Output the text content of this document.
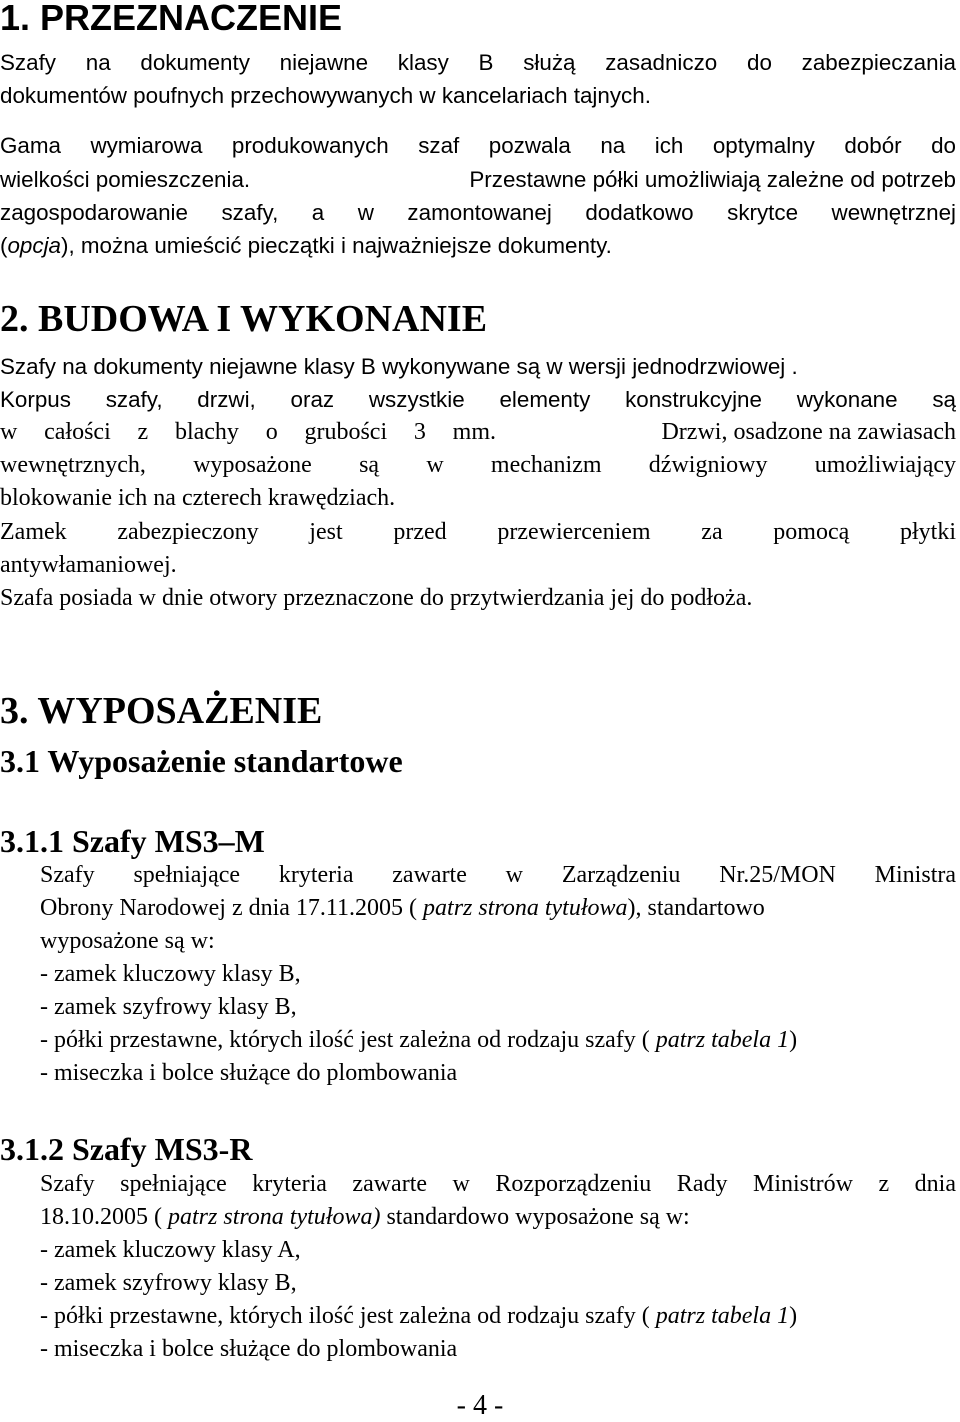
1. PRZEZNACZENIE
Szafy na dokumenty niejawne klasy B służą zasadniczo do zabezpieczania
dokumentów poufnych przechowywanych w kancelariach tajnych.
Gama wymiarowa produkowanych szaf pozwala na ich optymalny dobór do
wielkości pomieszczenia.	Przestawne półki umożliwiają zależne od potrzeb
zagospodarowanie szafy, a w zamontowanej dodatkowo skrytce wewnętrznej
(opcja), można umieścić pieczątki i najważniejsze dokumenty.
2. BUDOWA I WYKONANIE
Szafy na dokumenty niejawne klasy B wykonywane są w wersji jednodrzwiowej .
Korpus szafy, drzwi, oraz wszystkie elementy konstrukcyjne wykonane są
w całości z blachy o grubości 3 mm.	Drzwi, osadzone na zawiasach
wewnętrznych, wyposażone są w mechanizm dźwigniowy umożliwiający
blokowanie ich na czterech krawędziach.
Zamek zabezpieczony jest przed przewierceniem za pomocą płytki
antywłamaniowej.
Szafa posiada w dnie otwory przeznaczone do przytwierdzania jej do podłoża.
3. WYPOSAŻENIE
3.1 Wyposażenie standartowe
3.1.1 Szafy MS3–M
Szafy spełniające kryteria zawarte w Zarządzeniu Nr.25/MON Ministra
Obrony Narodowej z dnia 17.11.2005 ( patrz strona tytułowa), standartowo
wyposażone są w:
- zamek kluczowy klasy B,
- zamek szyfrowy klasy B,
- półki przestawne, których ilość jest zależna od rodzaju szafy ( patrz tabela 1)
- miseczka i bolce służące do plombowania
3.1.2 Szafy MS3-R
Szafy spełniające kryteria zawarte w Rozporządzeniu Rady Ministrów z dnia
18.10.2005 ( patrz strona tytułowa) standardowo wyposażone są w:
- zamek kluczowy klasy A,
- zamek szyfrowy klasy B,
- półki przestawne, których ilość jest zależna od rodzaju szafy ( patrz tabela 1)
- miseczka i bolce służące do plombowania
- 4 -
